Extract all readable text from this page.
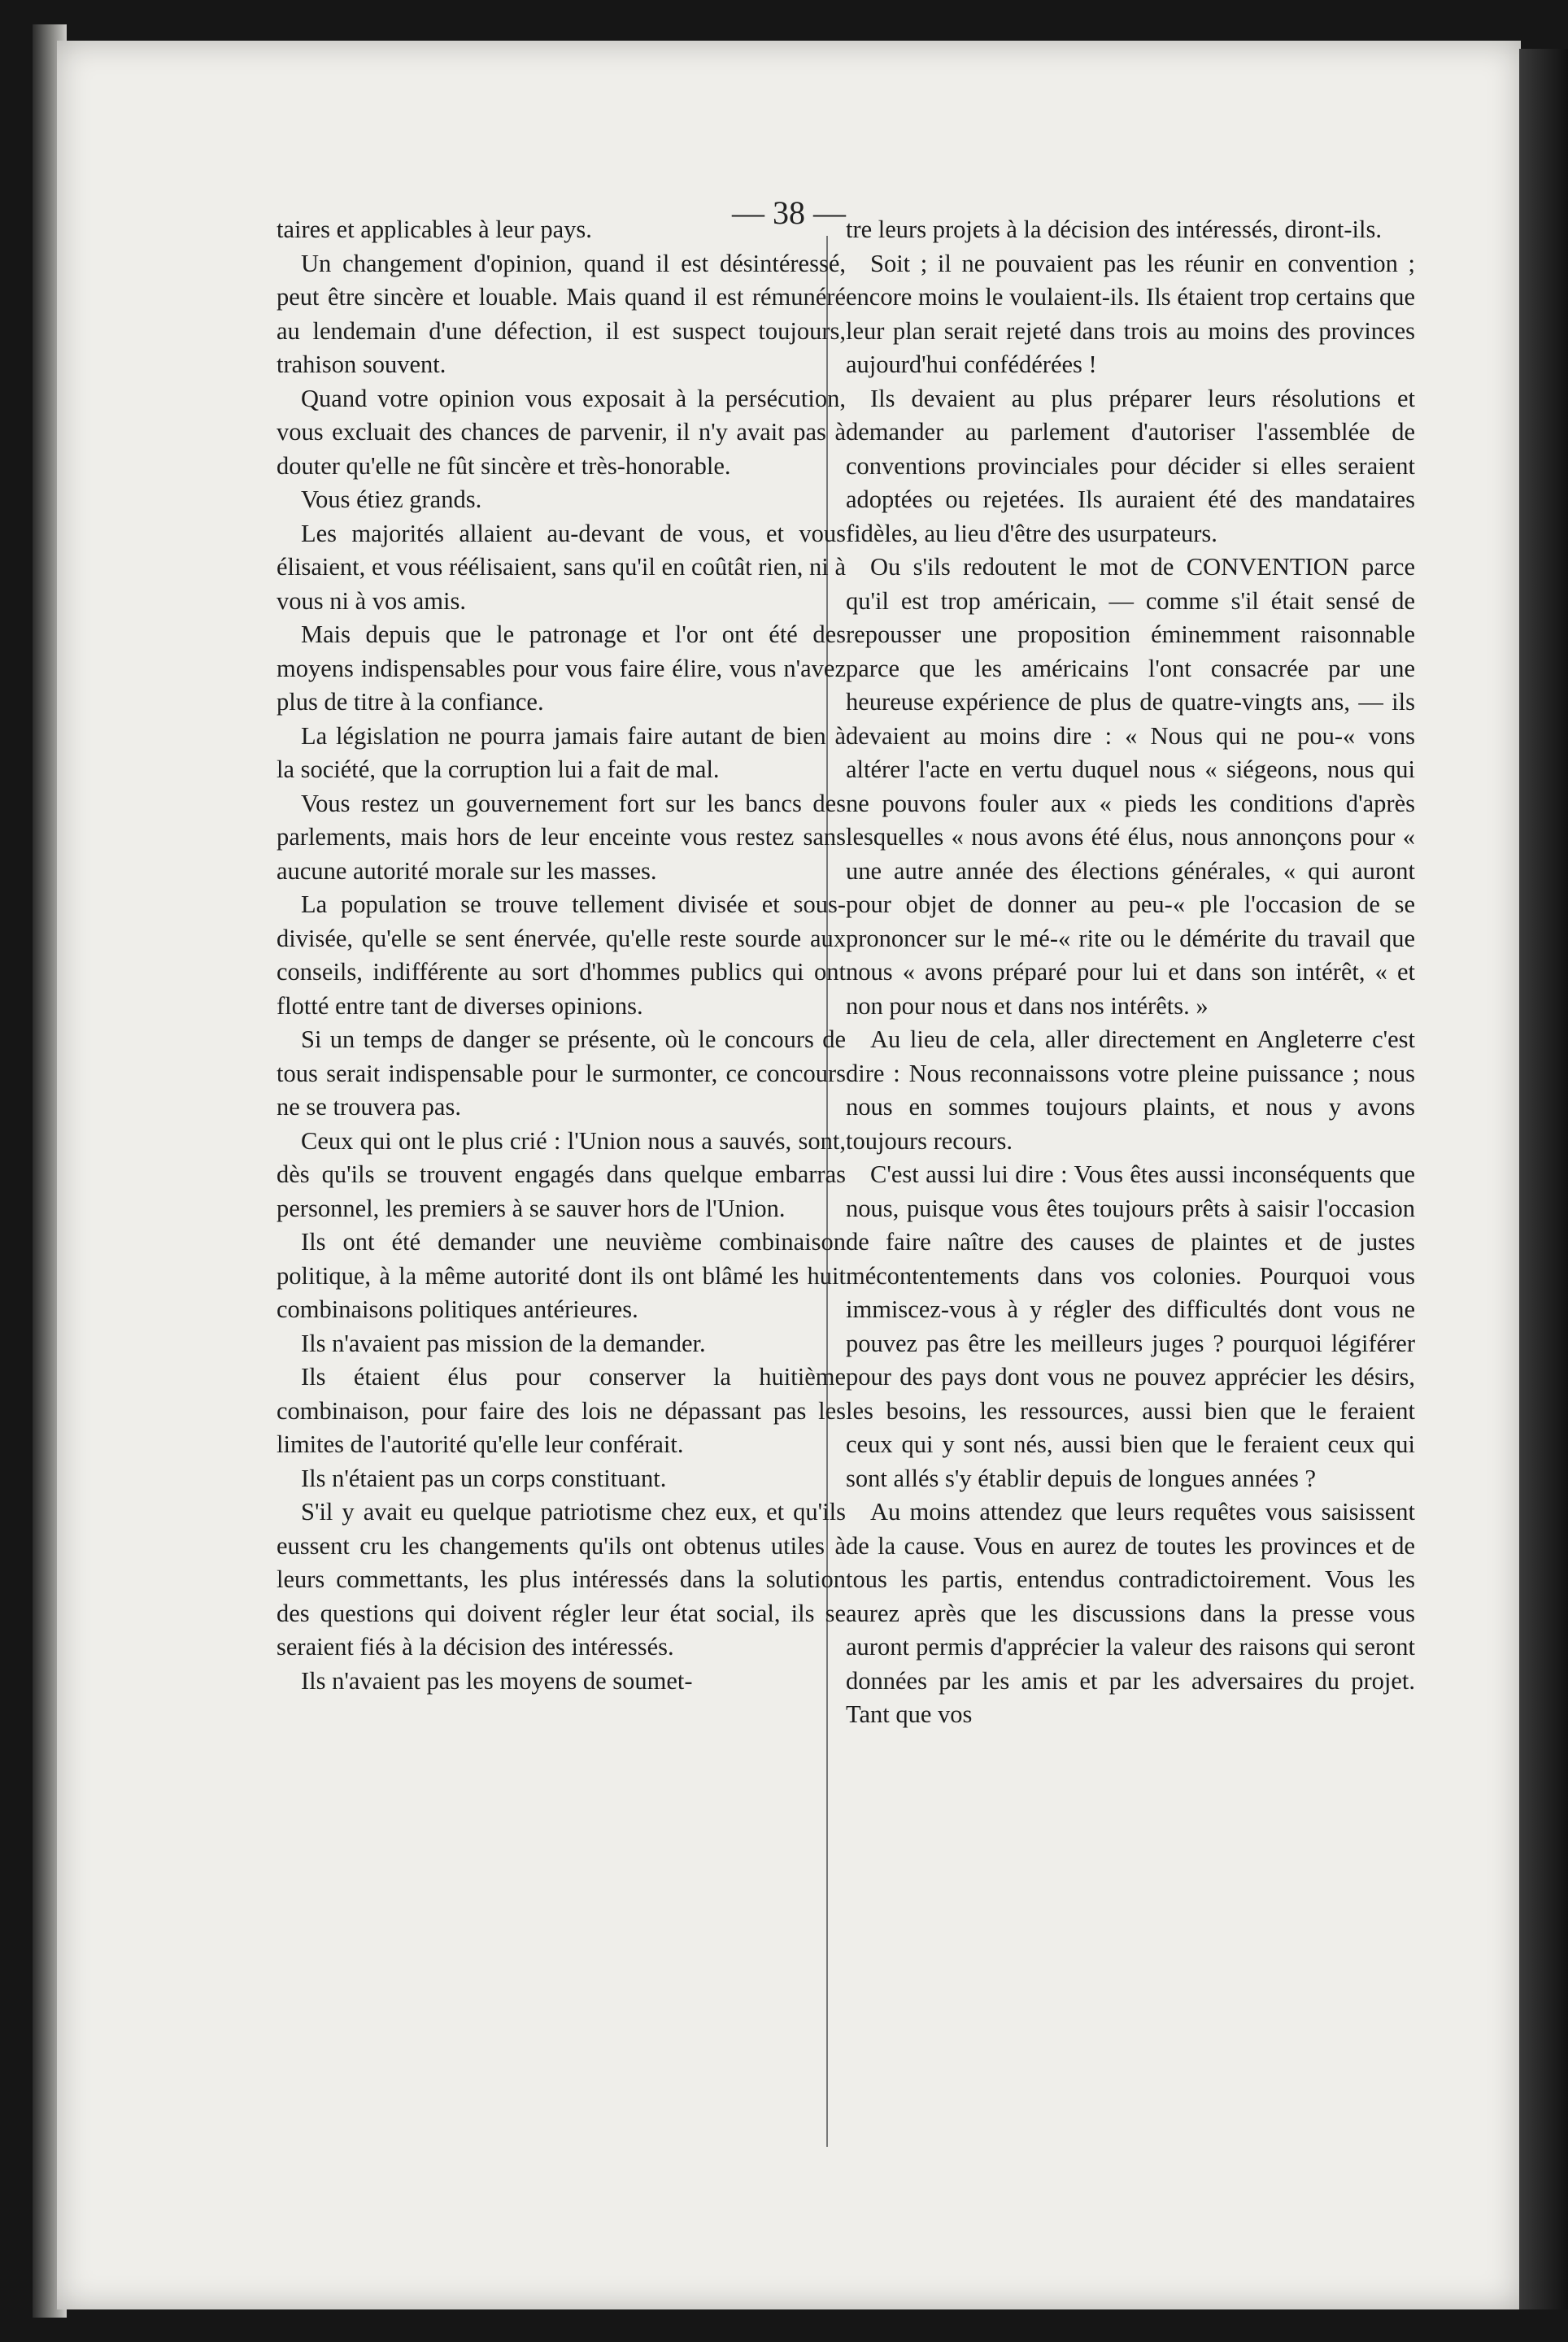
— 38 —

taires et applicables à leur pays.

Un changement d'opinion, quand il est désintéressé, peut être sincère et louable. Mais quand il est rémunéré au lendemain d'une défection, il est suspect toujours, trahison souvent.

Quand votre opinion vous exposait à la persécution, vous excluait des chances de parvenir, il n'y avait pas à douter qu'elle ne fût sincère et très-honorable.

Vous étiez grands.

Les majorités allaient au-devant de vous, et vous élisaient, et vous réélisaient, sans qu'il en coûtât rien, ni à vous ni à vos amis.

Mais depuis que le patronage et l'or ont été des moyens indispensables pour vous faire élire, vous n'avez plus de titre à la confiance.

La législation ne pourra jamais faire autant de bien à la société, que la corruption lui a fait de mal.

Vous restez un gouvernement fort sur les bancs des parlements, mais hors de leur enceinte vous restez sans aucune autorité morale sur les masses.

La population se trouve tellement divisée et sous-divisée, qu'elle se sent énervée, qu'elle reste sourde aux conseils, indifférente au sort d'hommes publics qui ont flotté entre tant de diverses opinions.

Si un temps de danger se présente, où le concours de tous serait indispensable pour le surmonter, ce concours ne se trouvera pas.

Ceux qui ont le plus crié : l'Union nous a sauvés, sont, dès qu'ils se trouvent engagés dans quelque embarras personnel, les premiers à se sauver hors de l'Union.

Ils ont été demander une neuvième combinaison politique, à la même autorité dont ils ont blâmé les huit combinaisons politiques antérieures.

Ils n'avaient pas mission de la demander.

Ils étaient élus pour conserver la huitième combinaison, pour faire des lois ne dépassant pas les limites de l'autorité qu'elle leur conférait.

Ils n'étaient pas un corps constituant.

S'il y avait eu quelque patriotisme chez eux, et qu'ils eussent cru les changements qu'ils ont obtenus utiles à leurs commettants, les plus intéressés dans la solution des questions qui doivent régler leur état social, ils se seraient fiés à la décision des intéressés.

Ils n'avaient pas les moyens de soumet-

tre leurs projets à la décision des intéressés, diront-ils.

Soit ; il ne pouvaient pas les réunir en convention ; encore moins le voulaient-ils. Ils étaient trop certains que leur plan serait rejeté dans trois au moins des provinces aujourd'hui confédérées !

Ils devaient au plus préparer leurs résolutions et demander au parlement d'autoriser l'assemblée de conventions provinciales pour décider si elles seraient adoptées ou rejetées. Ils auraient été des mandataires fidèles, au lieu d'être des usurpateurs.

Ou s'ils redoutent le mot de CONVENTION parce qu'il est trop américain, — comme s'il était sensé de repousser une proposition éminemment raisonnable parce que les américains l'ont consacrée par une heureuse expérience de plus de quatre-vingts ans, — ils devaient au moins dire : « Nous qui ne pou-« vons altérer l'acte en vertu duquel nous « siégeons, nous qui ne pouvons fouler aux « pieds les conditions d'après lesquelles « nous avons été élus, nous annonçons pour « une autre année des élections générales, « qui auront pour objet de donner au peu-« ple l'occasion de se prononcer sur le mé-« rite ou le démérite du travail que nous « avons préparé pour lui et dans son intérêt, « et non pour nous et dans nos intérêts. »

Au lieu de cela, aller directement en Angleterre c'est dire : Nous reconnaissons votre pleine puissance ; nous nous en sommes toujours plaints, et nous y avons toujours recours.

C'est aussi lui dire : Vous êtes aussi inconséquents que nous, puisque vous êtes toujours prêts à saisir l'occasion de faire naître des causes de plaintes et de justes mécontentements dans vos colonies. Pourquoi vous immiscez-vous à y régler des difficultés dont vous ne pouvez pas être les meilleurs juges ? pourquoi légiférer pour des pays dont vous ne pouvez apprécier les désirs, les besoins, les ressources, aussi bien que le feraient ceux qui y sont nés, aussi bien que le feraient ceux qui sont allés s'y établir depuis de longues années ?

Au moins attendez que leurs requêtes vous saisissent de la cause. Vous en aurez de toutes les provinces et de tous les partis, entendus contradictoirement. Vous les aurez après que les discussions dans la presse vous auront permis d'apprécier la valeur des raisons qui seront données par les amis et par les adversaires du projet. Tant que vos
